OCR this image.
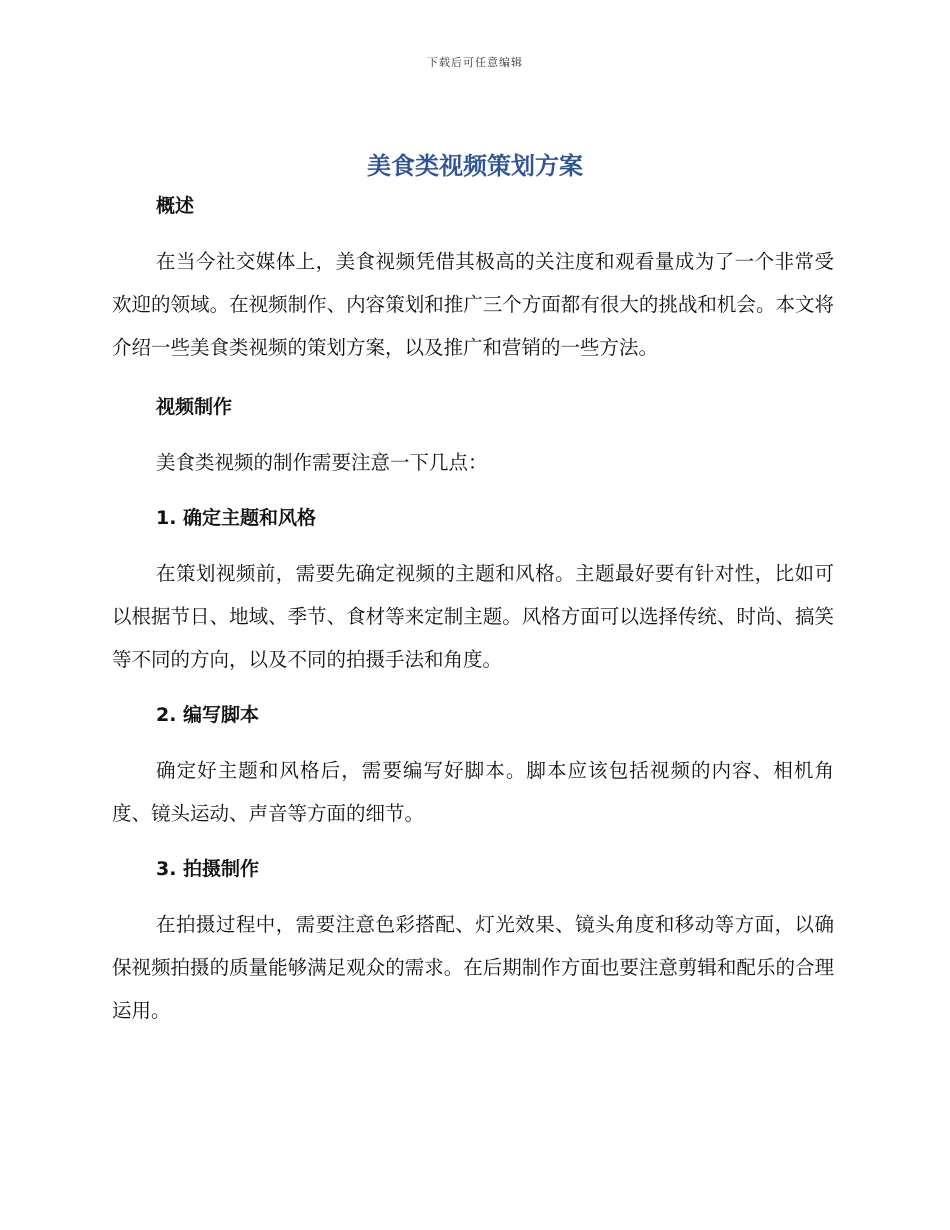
下载后可任意编辑
美食类视频策划方案
概述

在当今社交媒体上，美食视频凭借其极高的关注度和观看量成为了一个非常受欢迎的领域。在视频制作、内容策划和推广三个方面都有很大的挑战和机会。本文将介绍一些美食类视频的策划方案，以及推广和营销的一些方法。

视频制作

美食类视频的制作需要注意一下几点：

1. 确定主题和风格

在策划视频前，需要先确定视频的主题和风格。主题最好要有针对性，比如可以根据节日、地域、季节、食材等来定制主题。风格方面可以选择传统、时尚、搞笑等不同的方向，以及不同的拍摄手法和角度。

2. 编写脚本

确定好主题和风格后，需要编写好脚本。脚本应该包括视频的内容、相机角度、镜头运动、声音等方面的细节。

3. 拍摄制作

在拍摄过程中，需要注意色彩搭配、灯光效果、镜头角度和移动等方面，以确保视频拍摄的质量能够满足观众的需求。在后期制作方面也要注意剪辑和配乐的合理运用。
